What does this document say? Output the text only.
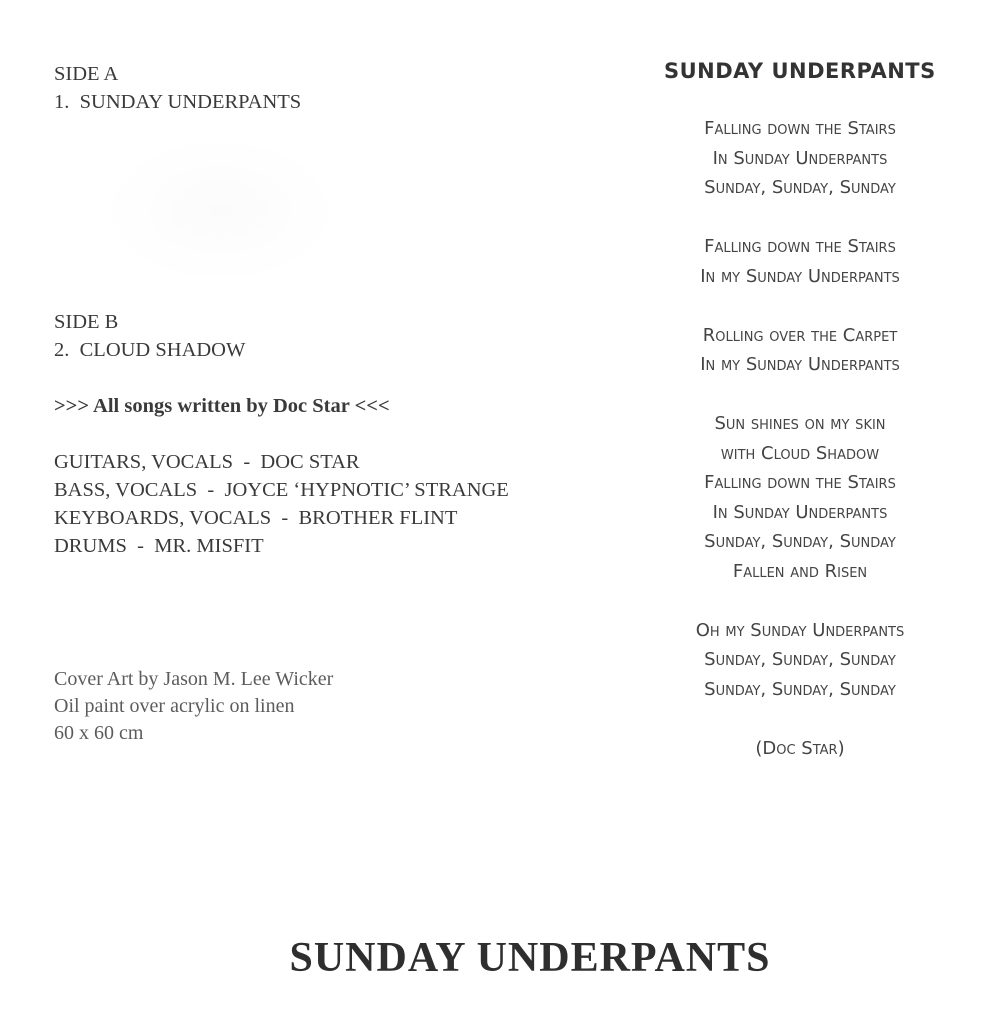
SIDE A
1.  SUNDAY UNDERPANTS
SIDE B
2.  CLOUD SHADOW
>>> All songs written by Doc Star <<<
GUITARS, VOCALS  -  DOC STAR
BASS, VOCALS  -  JOYCE ‘HYPNOTIC’ STRANGE
KEYBOARDS, VOCALS  -  BROTHER FLINT
DRUMS  -  MR. MISFIT
Cover Art by Jason M. Lee Wicker
Oil paint over acrylic on linen
60 x 60 cm
SUNDAY UNDERPANTS
Falling down the Stairs
In Sunday Underpants
Sunday, Sunday, Sunday
Falling down the Stairs
In my Sunday Underpants
Rolling over the Carpet
In my Sunday Underpants
Sun shines on my skin
with Cloud Shadow
Falling down the Stairs
In Sunday Underpants
Sunday, Sunday, Sunday
Fallen and Risen
Oh my Sunday Underpants
Sunday, Sunday, Sunday
Sunday, Sunday, Sunday
(Doc Star)
SUNDAY UNDERPANTS
